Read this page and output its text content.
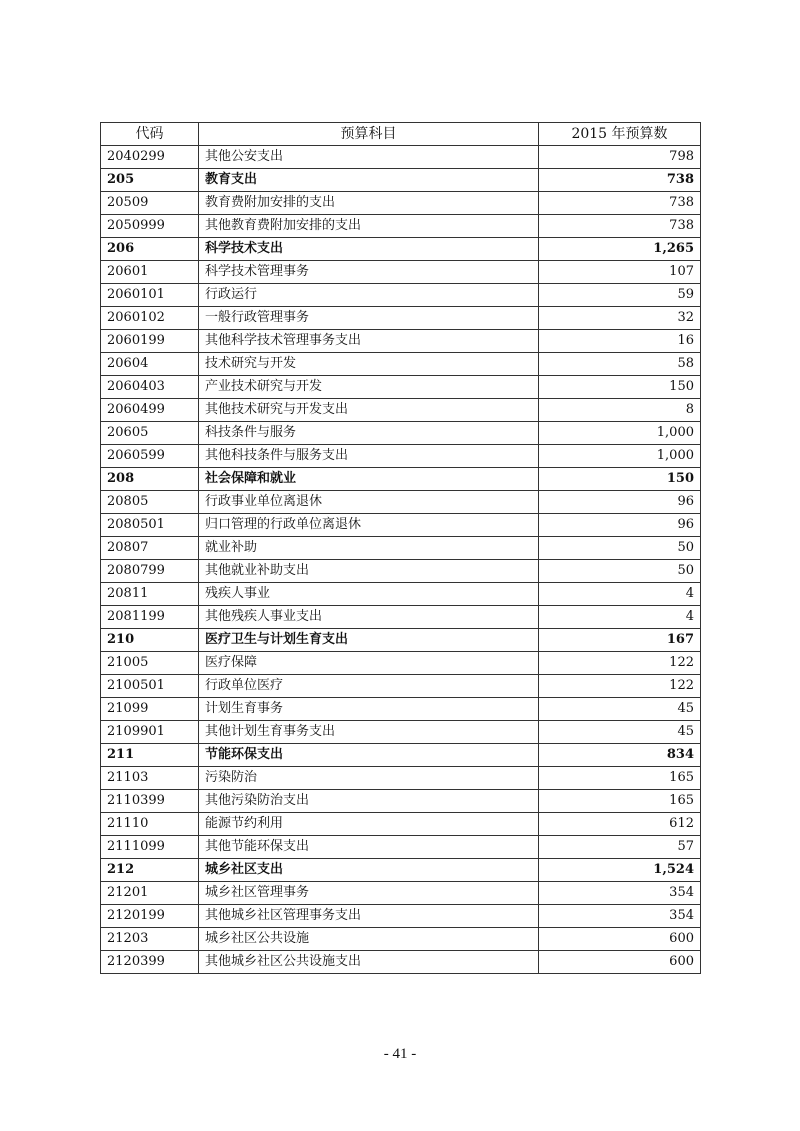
代码	预算科目	2015 年预算数
2040299	其他公安支出	798
205	教育支出	738
20509	教育费附加安排的支出	738
2050999	其他教育费附加安排的支出	738
206	科学技术支出	1,265
20601	科学技术管理事务	107
2060101	行政运行	59
2060102	一般行政管理事务	32
2060199	其他科学技术管理事务支出	16
20604	技术研究与开发	58
2060403	产业技术研究与开发	150
2060499	其他技术研究与开发支出	8
20605	科技条件与服务	1,000
2060599	其他科技条件与服务支出	1,000
208	社会保障和就业	150
20805	行政事业单位离退休	96
2080501	归口管理的行政单位离退休	96
20807	就业补助	50
2080799	其他就业补助支出	50
20811	残疾人事业	4
2081199	其他残疾人事业支出	4
210	医疗卫生与计划生育支出	167
21005	医疗保障	122
2100501	行政单位医疗	122
21099	计划生育事务	45
2109901	其他计划生育事务支出	45
211	节能环保支出	834
21103	污染防治	165
2110399	其他污染防治支出	165
21110	能源节约利用	612
2111099	其他节能环保支出	57
212	城乡社区支出	1,524
21201	城乡社区管理事务	354
2120199	其他城乡社区管理事务支出	354
21203	城乡社区公共设施	600
2120399	其他城乡社区公共设施支出	600
- 41 -
